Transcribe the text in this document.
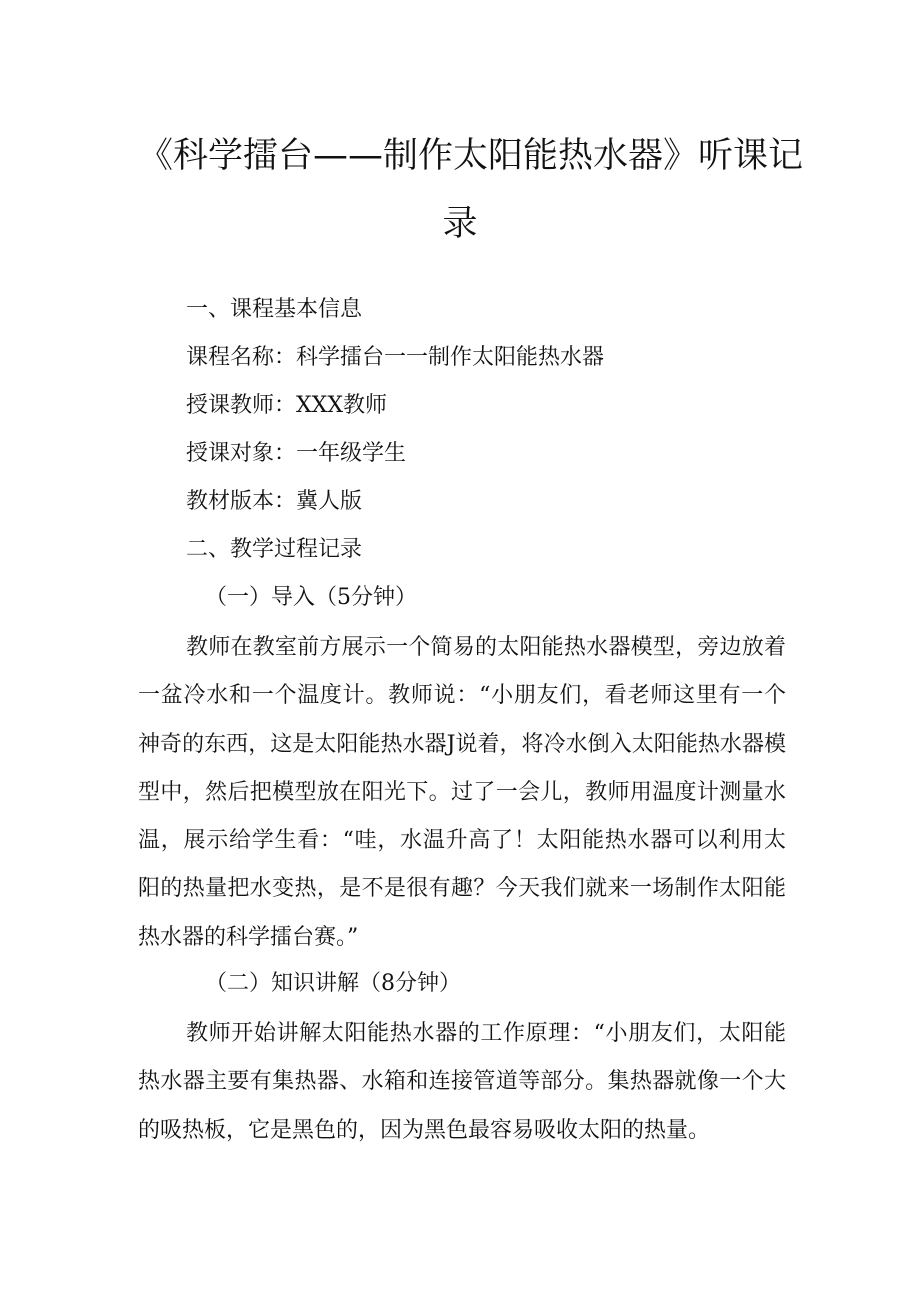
《科学擂台——制作太阳能热水器》听课记
录

一、课程基本信息

课程名称：科学擂台一一制作太阳能热水器

授课教师：XXX教师

授课对象：一年级学生

教材版本：冀人版

二、教学过程记录

（一）导入（5分钟）

教师在教室前方展示一个简易的太阳能热水器模型，旁边放着一盆冷水和一个温度计。教师说：“小朋友们，看老师这里有一个神奇的东西，这是太阳能热水器J说着，将冷水倒入太阳能热水器模型中，然后把模型放在阳光下。过了一会儿，教师用温度计测量水温，展示给学生看：“哇，水温升高了！太阳能热水器可以利用太阳的热量把水变热，是不是很有趣？今天我们就来一场制作太阳能热水器的科学擂台赛。”

（二）知识讲解（8分钟）

教师开始讲解太阳能热水器的工作原理：“小朋友们，太阳能热水器主要有集热器、水箱和连接管道等部分。集热器就像一个大的吸热板，它是黑色的，因为黑色最容易吸收太阳的热量。
